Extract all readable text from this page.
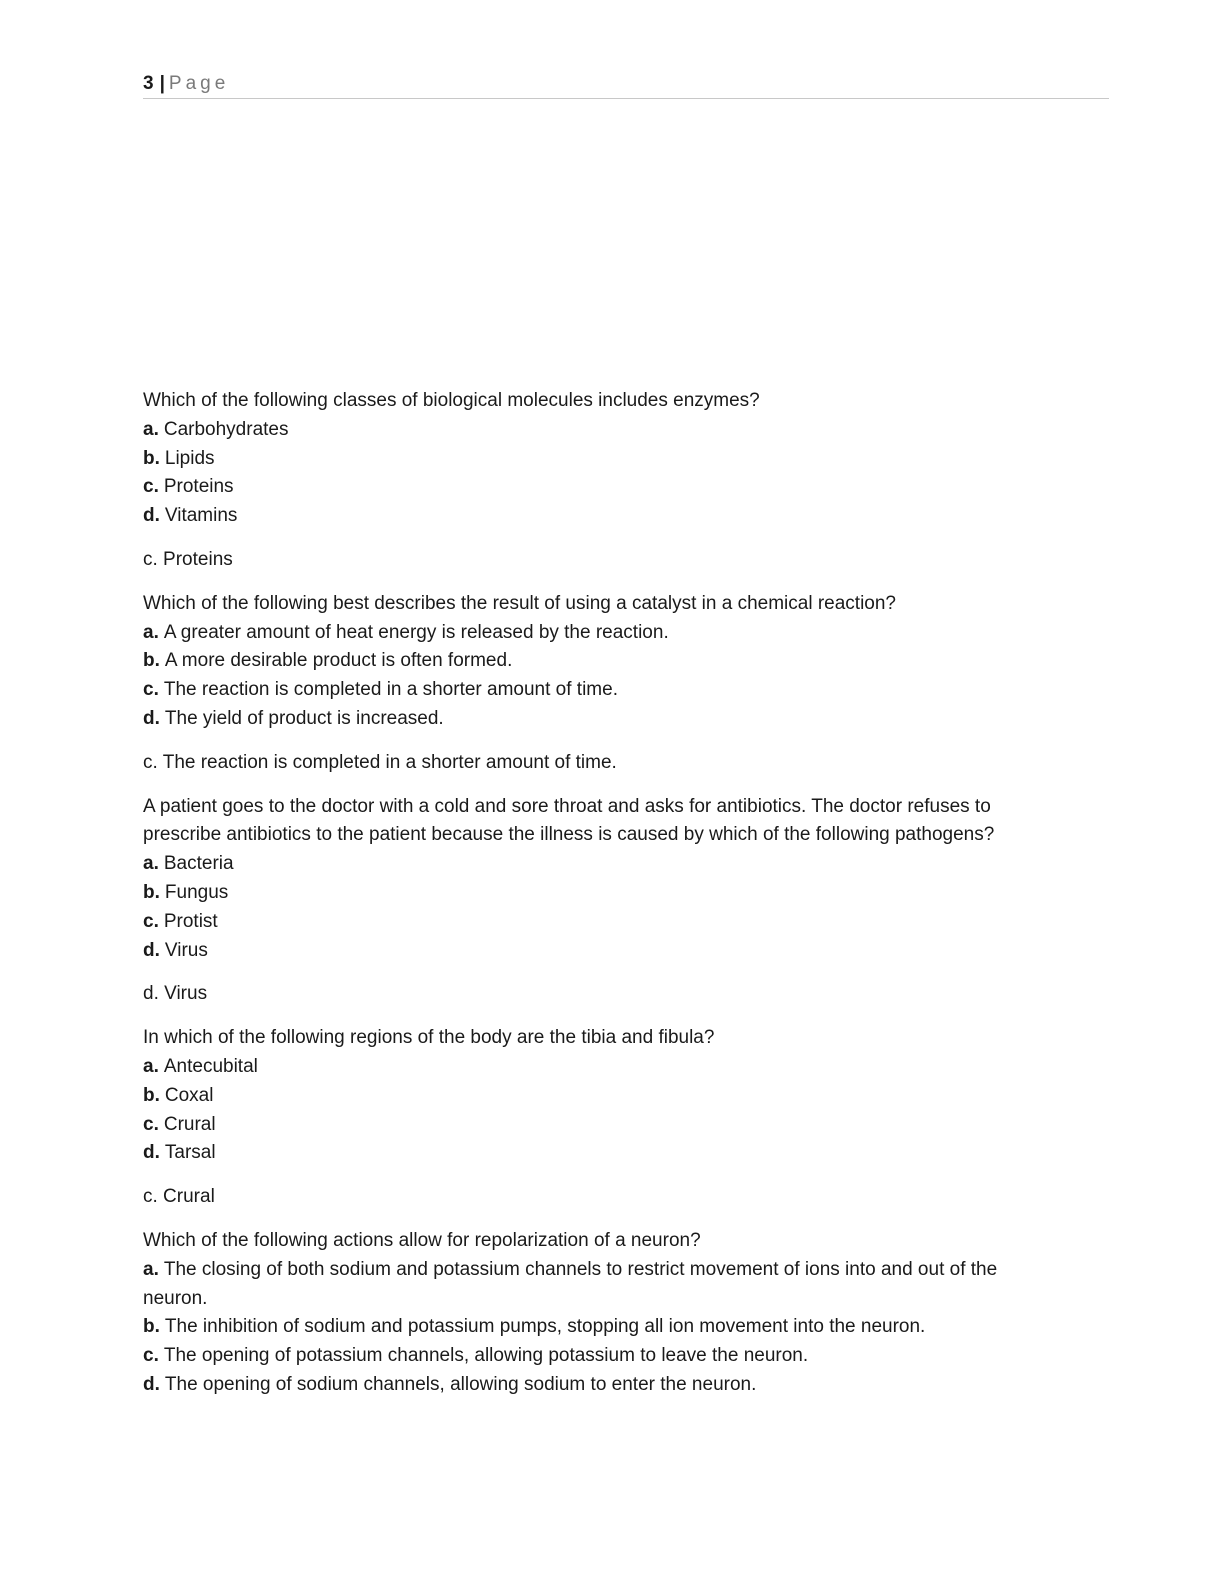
3 | Page

Which of the following classes of biological molecules includes enzymes?

a. Carbohydrates
b. Lipids
c. Proteins
d. Vitamins

c. Proteins

Which of the following best describes the result of using a catalyst in a chemical reaction?

a. A greater amount of heat energy is released by the reaction.
b. A more desirable product is often formed.
c. The reaction is completed in a shorter amount of time.
d. The yield of product is increased.

c. The reaction is completed in a shorter amount of time.

A patient goes to the doctor with a cold and sore throat and asks for antibiotics. The doctor refuses to prescribe antibiotics to the patient because the illness is caused by which of the following pathogens?

a. Bacteria
b. Fungus
c. Protist
d. Virus

d. Virus

In which of the following regions of the body are the tibia and fibula?

a. Antecubital
b. Coxal
c. Crural
d. Tarsal

c. Crural

Which of the following actions allow for repolarization of a neuron?

a. The closing of both sodium and potassium channels to restrict movement of ions into and out of the neuron.
b. The inhibition of sodium and potassium pumps, stopping all ion movement into the neuron.
c. The opening of potassium channels, allowing potassium to leave the neuron.
d. The opening of sodium channels, allowing sodium to enter the neuron.
